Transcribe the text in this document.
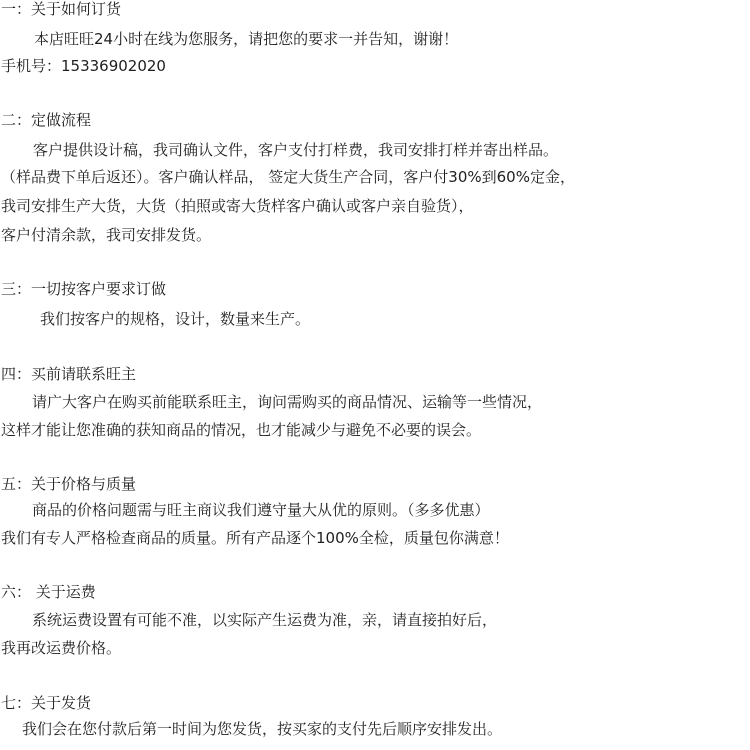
一：关于如何订货
本店旺旺24小时在线为您服务，请把您的要求一并告知，谢谢！
手机号：15336902020
二：定做流程
客户提供设计稿，我司确认文件，客户支付打样费，我司安排打样并寄出样品。
（样品费下单后返还）。客户确认样品， 签定大货生产合同，客户付30%到60%定金，
我司安排生产大货，大货（拍照或寄大货样客户确认或客户亲自验货），
客户付清余款，我司安排发货。
三：一切按客户要求订做
我们按客户的规格，设计，数量来生产。
四：买前请联系旺主
请广大客户在购买前能联系旺主，询问需购买的商品情况、运输等一些情况，
这样才能让您准确的获知商品的情况，也才能减少与避免不必要的误会。
五：关于价格与质量
商品的价格问题需与旺主商议我们遵守量大从优的原则。（多多优惠）
我们有专人严格检查商品的质量。所有产品逐个100%全检，质量包你满意！
六： 关于运费
系统运费设置有可能不准，以实际产生运费为准，亲，请直接拍好后，
我再改运费价格。
七：关于发货
我们会在您付款后第一时间为您发货，按买家的支付先后顺序安排发出。
